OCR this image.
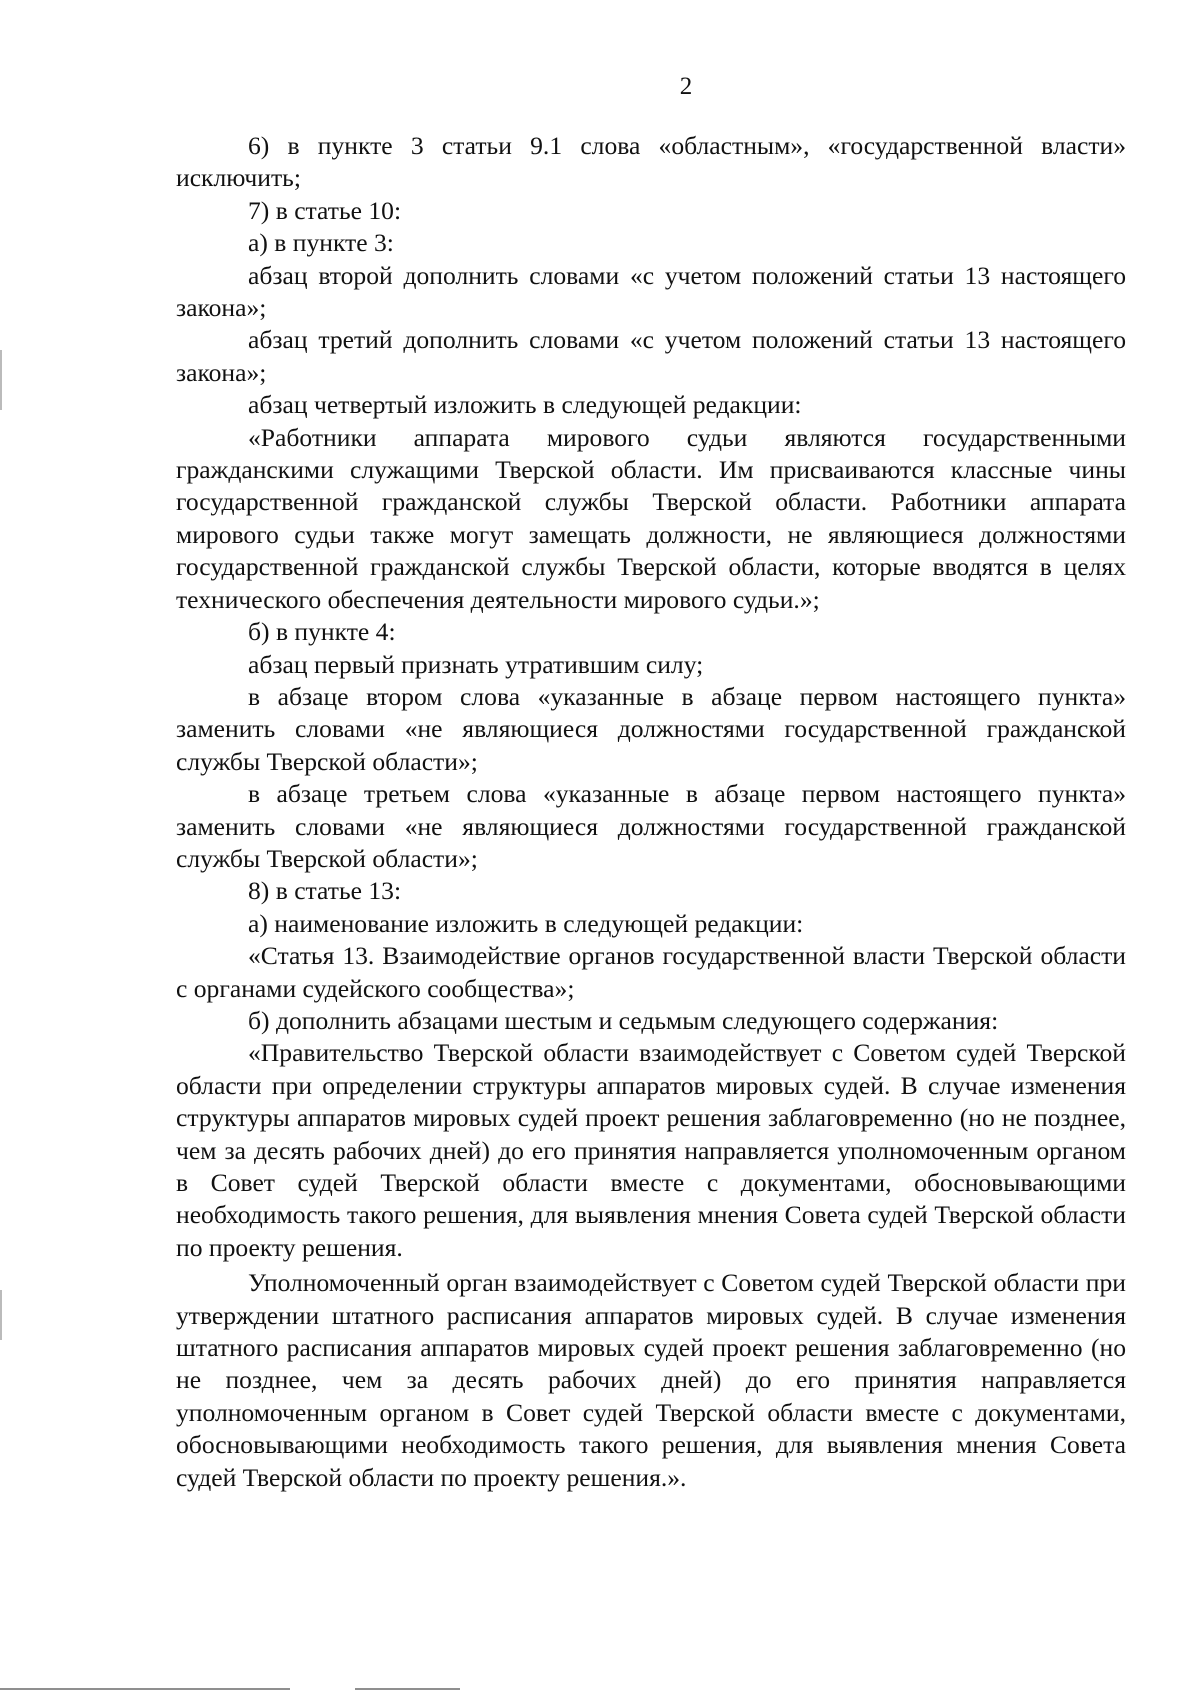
2

6) в пункте 3 статьи 9.1 слова «областным», «государственной власти» исключить;

7) в статье 10:

а) в пункте 3:

абзац второй дополнить словами «с учетом положений статьи 13 настоящего закона»;

абзац третий дополнить словами «с учетом положений статьи 13 настоящего закона»;

абзац четвертый изложить в следующей редакции:

«Работники аппарата мирового судьи являются государственными гражданскими служащими Тверской области. Им присваиваются классные чины государственной гражданской службы Тверской области. Работники аппарата мирового судьи также могут замещать должности, не являющиеся должностями государственной гражданской службы Тверской области, которые вводятся в целях технического обеспечения деятельности мирового судьи.»;

б) в пункте 4:

абзац первый признать утратившим силу;

в абзаце втором слова «указанные в абзаце первом настоящего пункта» заменить словами «не являющиеся должностями государственной гражданской службы Тверской области»;

в абзаце третьем слова «указанные в абзаце первом настоящего пункта» заменить словами «не являющиеся должностями государственной гражданской службы Тверской области»;

8) в статье 13:

а) наименование изложить в следующей редакции:

«Статья 13. Взаимодействие органов государственной власти Тверской области с органами судейского сообщества»;

б) дополнить абзацами шестым и седьмым следующего содержания:

«Правительство Тверской области взаимодействует с Советом судей Тверской области при определении структуры аппаратов мировых судей. В случае изменения структуры аппаратов мировых судей проект решения заблаговременно (но не позднее, чем за десять рабочих дней) до его принятия направляется уполномоченным органом в Совет судей Тверской области вместе с документами, обосновывающими необходимость такого решения, для выявления мнения Совета судей Тверской области по проекту решения.

Уполномоченный орган взаимодействует с Советом судей Тверской области при утверждении штатного расписания аппаратов мировых судей. В случае изменения штатного расписания аппаратов мировых судей проект решения заблаговременно (но не позднее, чем за десять рабочих дней) до его принятия направляется уполномоченным органом в Совет судей Тверской области вместе с документами, обосновывающими необходимость такого решения, для выявления мнения Совета судей Тверской области по проекту решения.».
